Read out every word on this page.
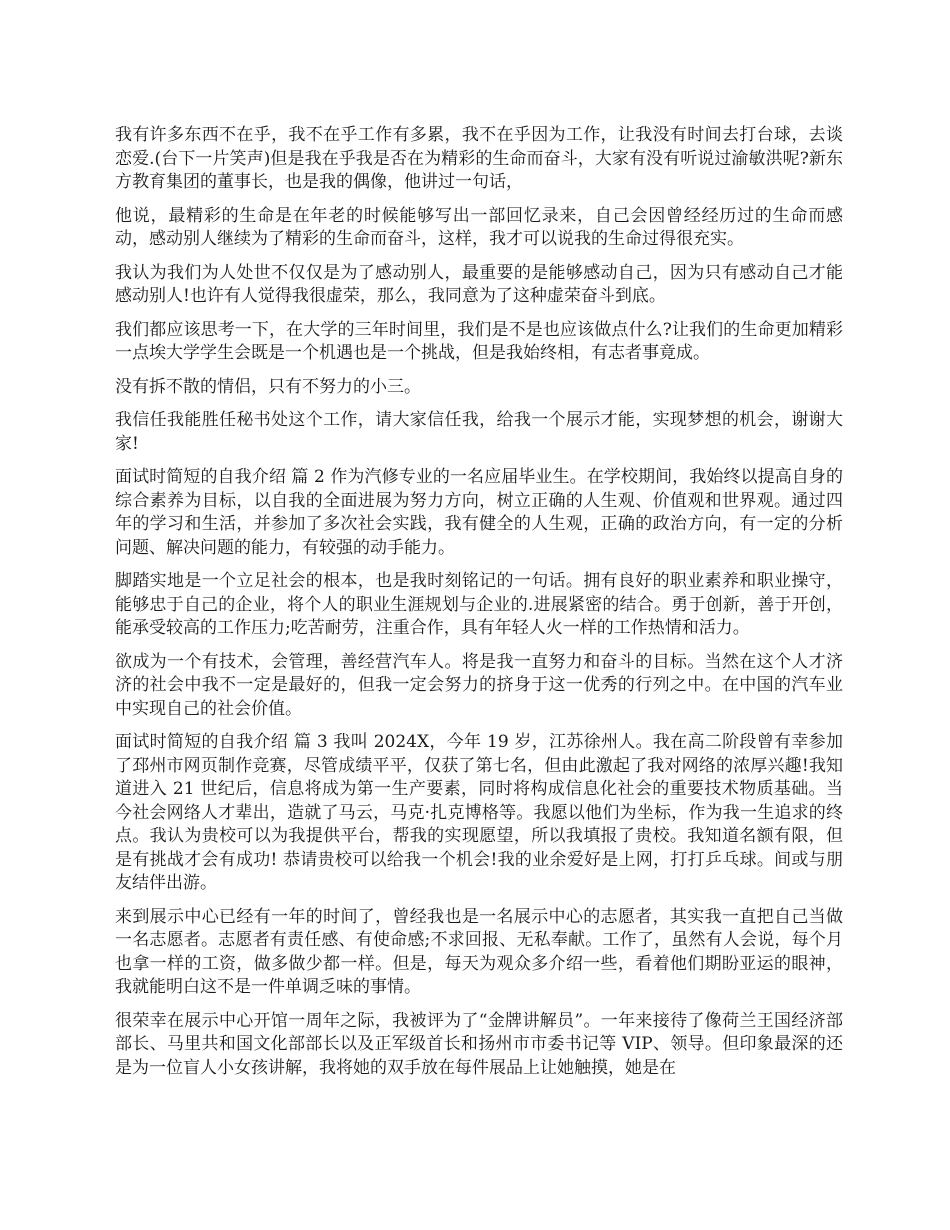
我有许多东西不在乎，我不在乎工作有多累，我不在乎因为工作，让我没有时间去打台球，去谈恋爱.(台下一片笑声)但是我在乎我是否在为精彩的生命而奋斗，大家有没有听说过渝敏洪呢?新东方教育集团的董事长，也是我的偶像，他讲过一句话，

他说，最精彩的生命是在年老的时候能够写出一部回忆录来，自己会因曾经经历过的生命而感动，感动别人继续为了精彩的生命而奋斗，这样，我才可以说我的生命过得很充实。

我认为我们为人处世不仅仅是为了感动别人，最重要的是能够感动自己，因为只有感动自己才能感动别人!也许有人觉得我很虚荣，那么，我同意为了这种虚荣奋斗到底。

我们都应该思考一下，在大学的三年时间里，我们是不是也应该做点什么?让我们的生命更加精彩一点埃大学学生会既是一个机遇也是一个挑战，但是我始终相，有志者事竟成。

没有拆不散的情侣，只有不努力的小三。

我信任我能胜任秘书处这个工作，请大家信任我，给我一个展示才能，实现梦想的机会，谢谢大家!

面试时简短的自我介绍 篇 2 作为汽修专业的一名应届毕业生。在学校期间，我始终以提高自身的综合素养为目标，以自我的全面进展为努力方向，树立正确的人生观、价值观和世界观。通过四年的学习和生活，并参加了多次社会实践，我有健全的人生观，正确的政治方向，有一定的分析问题、解决问题的能力，有较强的动手能力。

脚踏实地是一个立足社会的根本，也是我时刻铭记的一句话。拥有良好的职业素养和职业操守，能够忠于自己的企业，将个人的职业生涯规划与企业的.进展紧密的结合。勇于创新，善于开创，能承受较高的工作压力;吃苦耐劳，注重合作，具有年轻人火一样的工作热情和活力。

欲成为一个有技术，会管理，善经营汽车人。将是我一直努力和奋斗的目标。当然在这个人才济济的社会中我不一定是最好的，但我一定会努力的挤身于这一优秀的行列之中。在中国的汽车业中实现自己的社会价值。

面试时简短的自我介绍 篇 3 我叫 2024X，今年 19 岁，江苏徐州人。我在高二阶段曾有幸参加了邳州市网页制作竞赛，尽管成绩平平，仅获了第七名，但由此激起了我对网络的浓厚兴趣!我知道进入 21 世纪后，信息将成为第一生产要素，同时将构成信息化社会的重要技术物质基础。当今社会网络人才辈出，造就了马云，马克·扎克博格等。我愿以他们为坐标，作为我一生追求的终点。我认为贵校可以为我提供平台，帮我的实现愿望，所以我填报了贵校。我知道名额有限，但是有挑战才会有成功! 恭请贵校可以给我一个机会!我的业余爱好是上网，打打乒乓球。间或与朋友结伴出游。

来到展示中心已经有一年的时间了，曾经我也是一名展示中心的志愿者，其实我一直把自己当做一名志愿者。志愿者有责任感、有使命感;不求回报、无私奉献。工作了，虽然有人会说，每个月也拿一样的工资，做多做少都一样。但是，每天为观众多介绍一些，看着他们期盼亚运的眼神，我就能明白这不是一件单调乏味的事情。

很荣幸在展示中心开馆一周年之际，我被评为了“金牌讲解员”。一年来接待了像荷兰王国经济部部长、马里共和国文化部部长以及正军级首长和扬州市市委书记等 VIP、领导。但印象最深的还是为一位盲人小女孩讲解，我将她的双手放在每件展品上让她触摸，她是在
